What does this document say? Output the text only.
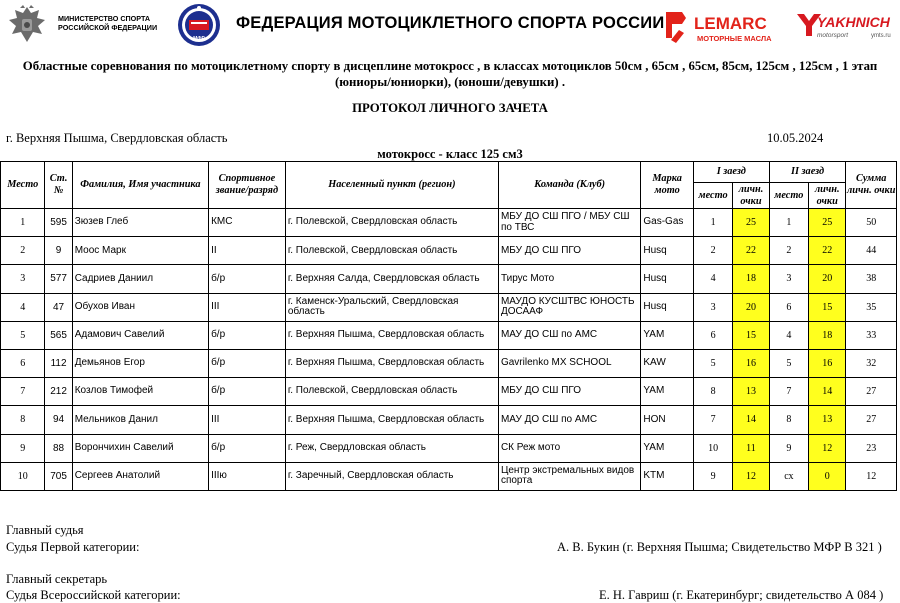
МИНИСТЕРСТВО СПОРТА
РОССИЙСКОЙ ФЕДЕРАЦИИ
МФР
ФЕДЕРАЦИЯ МОТОЦИКЛЕТНОГО СПОРТА РОССИИ LEMARC
МОТОРНЫЕ МАСЛА
YAKHNICH
motorsport	ymts.ru
Областные соревнования по мотоциклетному спорту в дисцеплине мотокросс , в классах мотоциклов 50см , 65см , 65см, 85см, 125см , 125см , 1 этап
(юниоры/юниорки), (юноши/девушки) .
ПРОТОКОЛ ЛИЧНОГО ЗАЧЕТА
г. Верхняя Пышма, Свердловская область	10.05.2024
мотокросс - класс 125 см3
Место	Ст. №	Фамилия, Имя участника	Спортивное звание/разряд	Населенный пункт (регион)	Команда (Клуб)	Марка мото	I заезд		II заезд		Сумма личн. очки
							место	личн. очки	место	личн. очки	
1	595	Зюзев Глеб	КМС	г. Полевской, Свердловская область	МБУ ДО СШ ПГО / МБУ СШ по ТВС	Gas-Gas	1	25	1	25	50
2	9	Моос Марк	II	г. Полевской, Свердловская область	МБУ ДО СШ ПГО	Husq	2	22	2	22	44
3	577	Садриев Даниил	б/р	г. Верхняя Салда, Свердловская область	Тирус Мото	Husq	4	18	3	20	38
4	47	Обухов Иван	III	г. Каменск-Уральский, Свердловская область	МАУДО КУСШТВС ЮНОСТЬ ДОСААФ	Husq	3	20	6	15	35
5	565	Адамович Савелий	б/р	г. Верхняя Пышма, Свердловская область	МАУ ДО СШ по АМС	YAM	6	15	4	18	33
6	112	Демьянов Егор	б/р	г. Верхняя Пышма, Свердловская область	Gavrilenko MX SCHOOL	KAW	5	16	5	16	32
7	212	Козлов Тимофей	б/р	г. Полевской, Свердловская область	МБУ ДО СШ ПГО	YAM	8	13	7	14	27
8	94	Мельников Данил	III	г. Верхняя Пышма, Свердловская область	МАУ ДО СШ по АМС	HON	7	14	8	13	27
9	88	Ворончихин Савелий	б/р	г. Реж, Свердловская область	СК Реж мото	YAM	10	11	9	12	23
10	705	Сергеев Анатолий	IIIю	г. Заречный, Свердловская область	Центр экстремальных видов спорта	KTM	9	12	сх	0	12
Главный судья
Судья Первой категории:	А. В. Букин (г. Верхняя Пышма; Свидетельство МФР В 321 )
Главный секретарь
Судья Всероссийской категории:	Е. Н. Гавриш (г. Екатеринбург; свидетельство А 084 )
